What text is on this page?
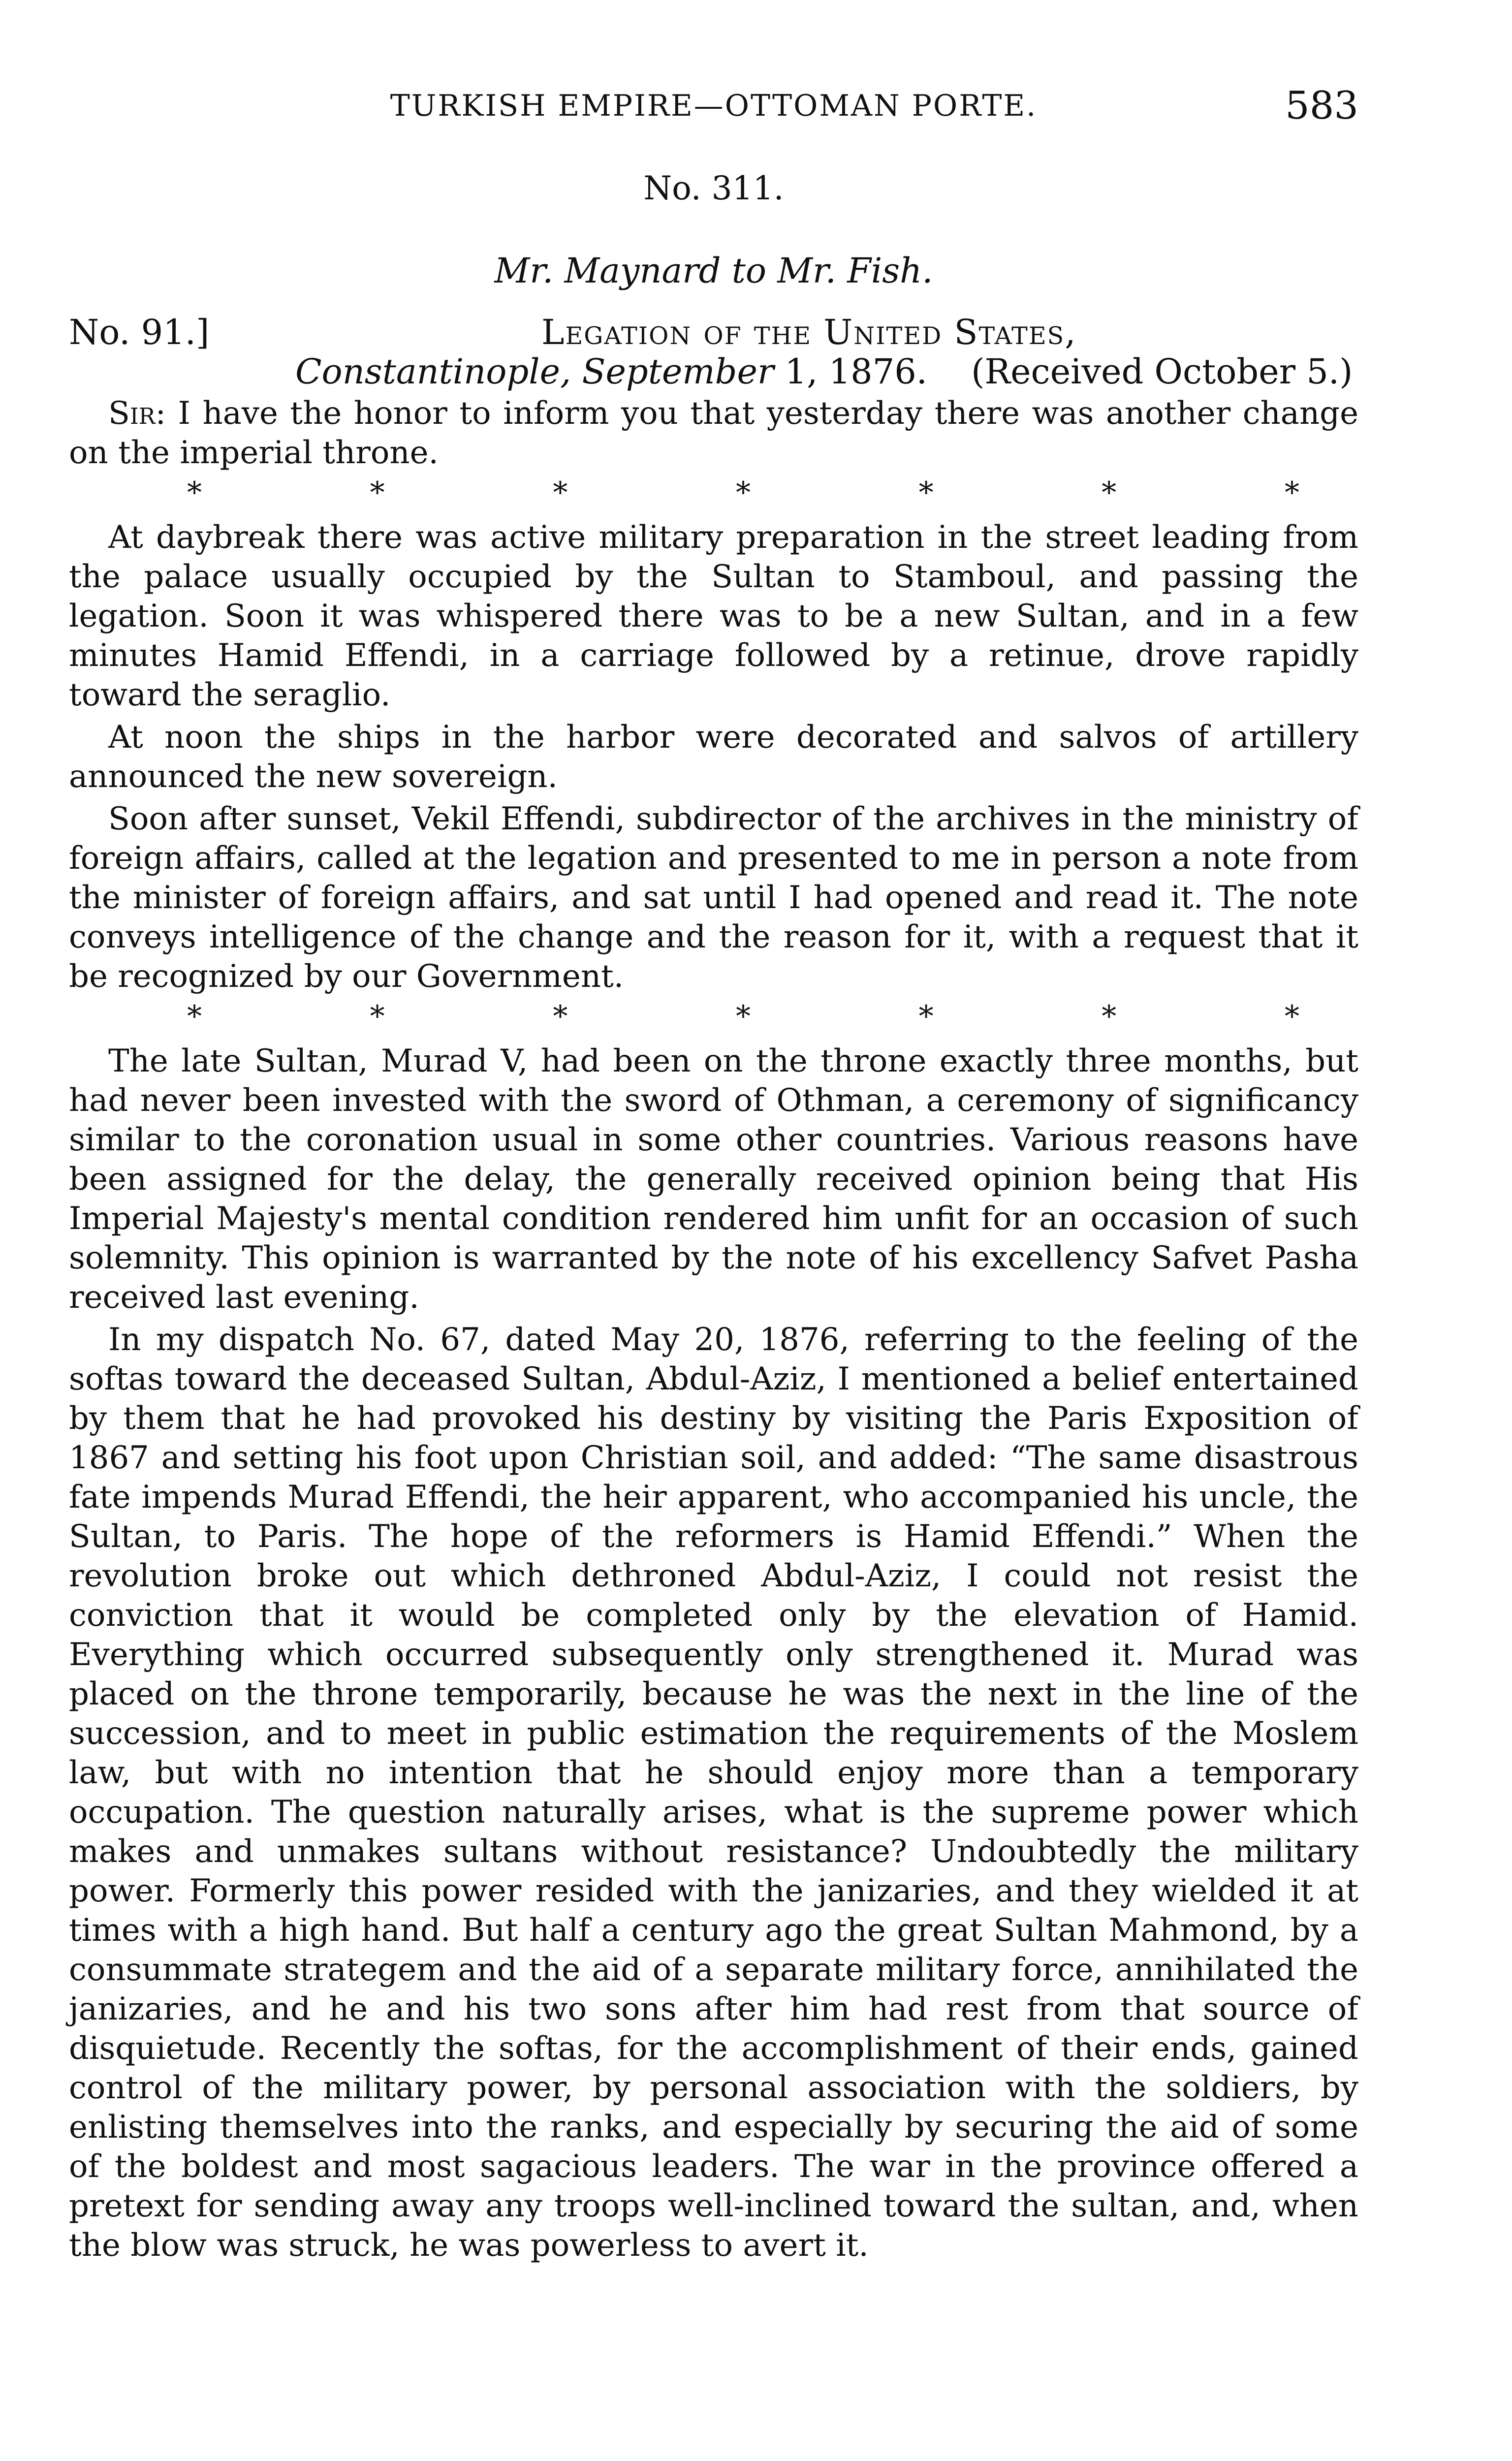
TURKISH EMPIRE—OTTOMAN PORTE.	583
No. 311.
Mr. Maynard to Mr. Fish.
No. 91.]	Legation of the United States,
Constantinople, September 1, 1876. (Received October 5.)

Sir: I have the honor to inform you that yesterday there was another change on the imperial throne.

*	*	*	*	*	*	*

At daybreak there was active military preparation in the street leading from the palace usually occupied by the Sultan to Stamboul, and passing the legation. Soon it was whispered there was to be a new Sultan, and in a few minutes Hamid Effendi, in a carriage followed by a retinue, drove rapidly toward the seraglio.

At noon the ships in the harbor were decorated and salvos of artillery announced the new sovereign.

Soon after sunset, Vekil Effendi, subdirector of the archives in the ministry of foreign affairs, called at the legation and presented to me in person a note from the minister of foreign affairs, and sat until I had opened and read it. The note conveys intelligence of the change and the reason for it, with a request that it be recognized by our Government.

*	*	*	*	*	*	*

The late Sultan, Murad V, had been on the throne exactly three months, but had never been invested with the sword of Othman, a ceremony of significancy similar to the coronation usual in some other countries. Various reasons have been assigned for the delay, the generally received opinion being that His Imperial Majesty's mental condition rendered him unfit for an occasion of such solemnity. This opinion is warranted by the note of his excellency Safvet Pasha received last evening.

In my dispatch No. 67, dated May 20, 1876, referring to the feeling of the softas toward the deceased Sultan, Abdul-Aziz, I mentioned a belief entertained by them that he had provoked his destiny by visiting the Paris Exposition of 1867 and setting his foot upon Christian soil, and added: “The same disastrous fate impends Murad Effendi, the heir apparent, who accompanied his uncle, the Sultan, to Paris. The hope of the reformers is Hamid Effendi.” When the revolution broke out which dethroned Abdul-Aziz, I could not resist the conviction that it would be completed only by the elevation of Hamid. Everything which occurred subsequently only strengthened it. Murad was placed on the throne temporarily, because he was the next in the line of the succession, and to meet in public estimation the requirements of the Moslem law, but with no intention that he should enjoy more than a temporary occupation. The question naturally arises, what is the supreme power which makes and unmakes sultans without resistance? Undoubtedly the military power. Formerly this power resided with the janizaries, and they wielded it at times with a high hand. But half a century ago the great Sultan Mahmond, by a consummate strategem and the aid of a separate military force, annihilated the janizaries, and he and his two sons after him had rest from that source of disquietude. Recently the softas, for the accomplishment of their ends, gained control of the military power, by personal association with the soldiers, by enlisting themselves into the ranks, and especially by securing the aid of some of the boldest and most sagacious leaders. The war in the province offered a pretext for sending away any troops well-inclined toward the sultan, and, when the blow was struck, he was powerless to avert it.
